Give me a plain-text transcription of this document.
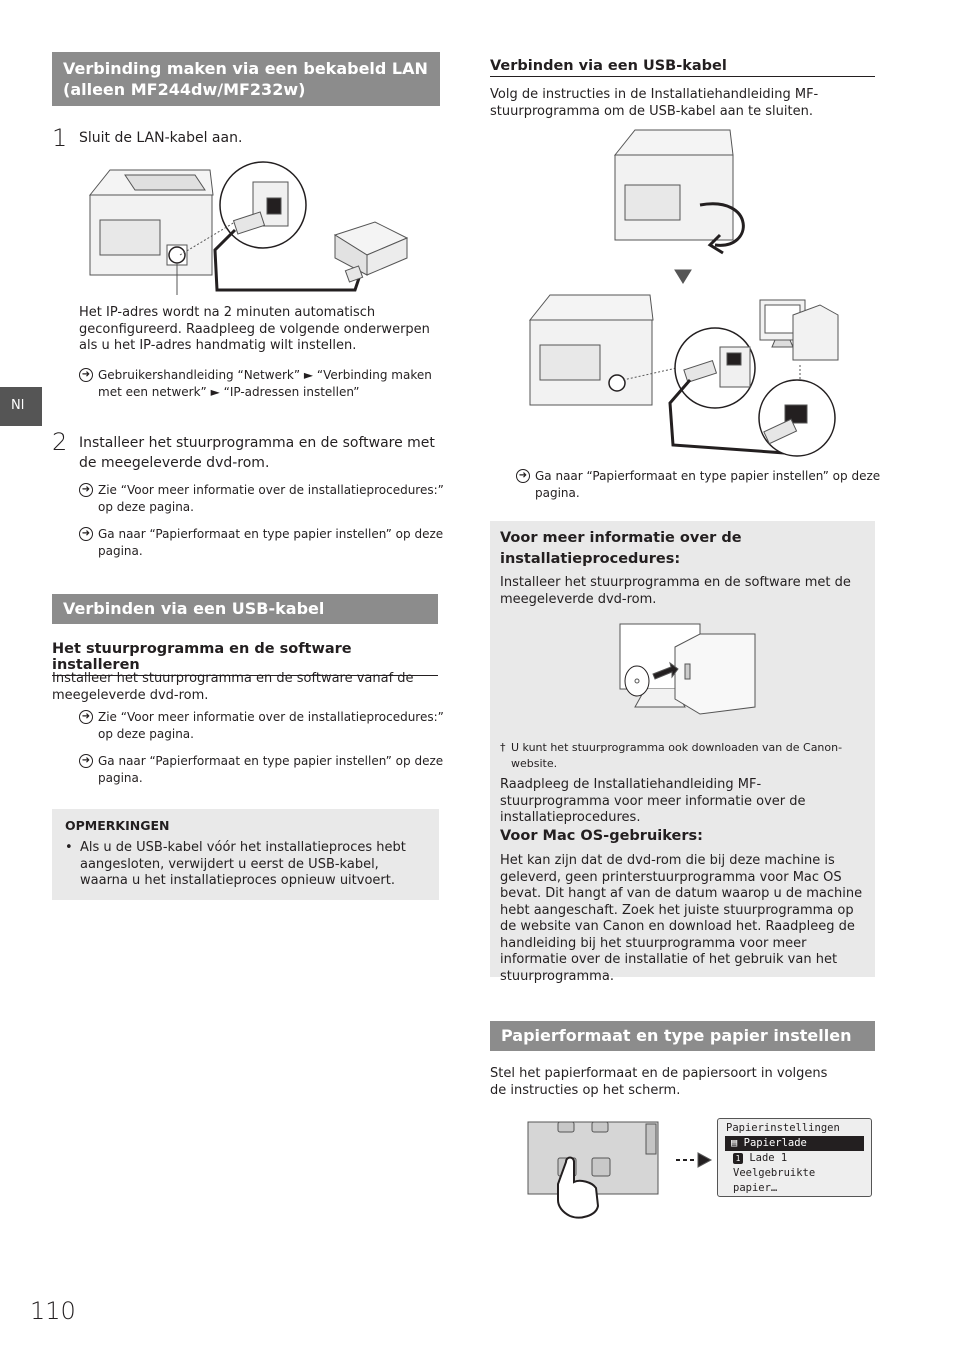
Verbinding maken via een bekabeld LAN (alleen MF244dw/MF232w)
1 Sluit de LAN-kabel aan.
Het IP-adres wordt na 2 minuten automatisch geconfigureerd. Raadpleeg de volgende onderwerpen als u het IP-adres handmatig wilt instellen.
➜ Gebruikershandleiding “Netwerk” ► “Verbinding maken met een netwerk” ► “IP-adressen instellen”
2 Installeer het stuurprogramma en de software met de meegeleverde dvd-rom.
➜ Zie “Voor meer informatie over de installatieprocedures:” op deze pagina.
➜ Ga naar “Papierformaat en type papier instellen” op deze pagina.
Verbinden via een USB-kabel
Het stuurprogramma en de software installeren
Installeer het stuurprogramma en de software vanaf de meegeleverde dvd-rom.
➜ Zie “Voor meer informatie over de installatieprocedures:” op deze pagina.
➜ Ga naar “Papierformaat en type papier instellen” op deze pagina.
OPMERKINGEN
• Als u de USB-kabel vóór het installatieproces hebt aangesloten, verwijdert u eerst de USB-kabel, waarna u het installatieproces opnieuw uitvoert.
Nl
110
Verbinden via een USB-kabel
Volg de instructies in de Installatiehandleiding MF-stuurprogramma om de USB-kabel aan te sluiten.
➜ Ga naar “Papierformaat en type papier instellen” op deze pagina.
Voor meer informatie over de installatieprocedures:
Installeer het stuurprogramma en de software met de meegeleverde dvd-rom.
† U kunt het stuurprogramma ook downloaden van de Canon-website.
Raadpleeg de Installatiehandleiding MF-stuurprogramma voor meer informatie over de installatieprocedures.
Voor Mac OS-gebruikers:
Het kan zijn dat de dvd-rom die bij deze machine is geleverd, geen printerstuurprogramma voor Mac OS bevat. Dit hangt af van de datum waarop u de machine hebt aangeschaft. Zoek het juiste stuurprogramma op de website van Canon en download het. Raadpleeg de handleiding bij het stuurprogramma voor meer informatie over de installatie of het gebruik van het stuurprogramma.
Papierformaat en type papier instellen
Stel het papierformaat en de papiersoort in volgens de instructies op het scherm.
Papierinstellingen
▤ Papierlade
1 Lade 1
Veelgebruikte papier…
